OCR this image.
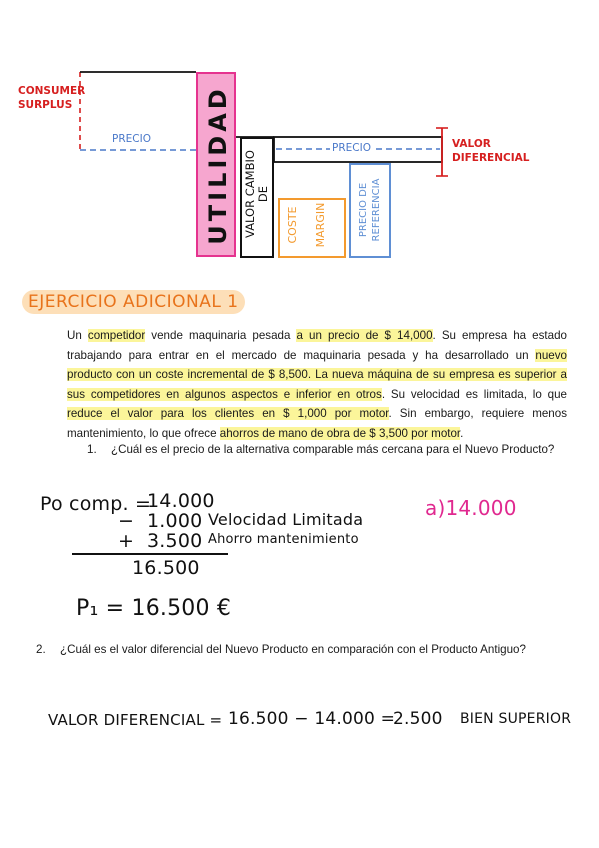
UTILIDAD VALOR CAMBIO DE
COSTE MARGIN	PRECIO DE REFERENCIA
CONSUMER
SURPLUS
PRECIO
PRECIO	VALOR
DIFERENCIAL
EJERCICIO ADICIONAL 1
Un competidor vende maquinaria pesada a un precio de $ 14,000. Su empresa ha estado trabajando para entrar en el mercado de maquinaria pesada y ha desarrollado un nuevo producto con un coste incremental de $ 8,500. La nueva máquina de su empresa es superior a sus competidores en algunos aspectos e inferior en otros. Su velocidad es limitada, lo que reduce el valor para los clientes en $ 1,000 por motor. Sin embargo, requiere menos mantenimiento, lo que ofrece ahorros de mano de obra de $ 3,500 por motor.
1. ¿Cuál es el precio de la alternativa comparable más cercana para el Nuevo Producto?
Po comp. =
14.000
− 1.000 Velocidad Limitada
+ 3.500 Ahorro mantenimiento
16.500
a)14.000
P₁ = 16.500 €
2. ¿Cuál es el valor diferencial del Nuevo Producto en comparación con el Producto Antiguo?
VALOR DIFERENCIAL = 16.500 − 14.000 =
2.500 BIEN SUPERIOR
